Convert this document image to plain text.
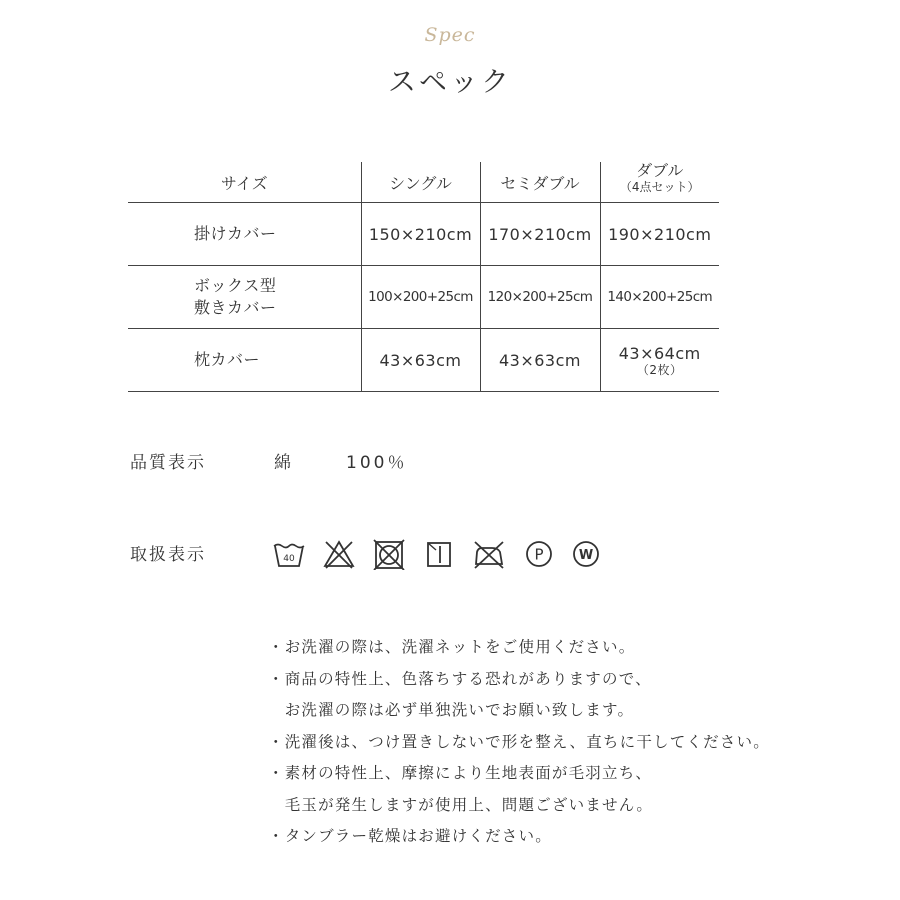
Spec
スペック
サイズ	シングル	セミダブル	ダブル
（4点セット）

掛けカバー	150×210cm	170×210cm	190×210cm

ボックス型
敷きカバー	100×200+25cm	120×200+25cm	140×200+25cm
枕カバー	43×63cm	43×63cm	43×64cm
（2枚）
品質表示	綿	100％
取扱表示	40	P	W
・お洗濯の際は、洗濯ネットをご使用ください。
・商品の特性上、色落ちする恐れがありますので、
　お洗濯の際は必ず単独洗いでお願い致します。
・洗濯後は、つけ置きしないで形を整え、直ちに干してください。
・素材の特性上、摩擦により生地表面が毛羽立ち、
　毛玉が発生しますが使用上、問題ございません。
・タンブラー乾燥はお避けください。
